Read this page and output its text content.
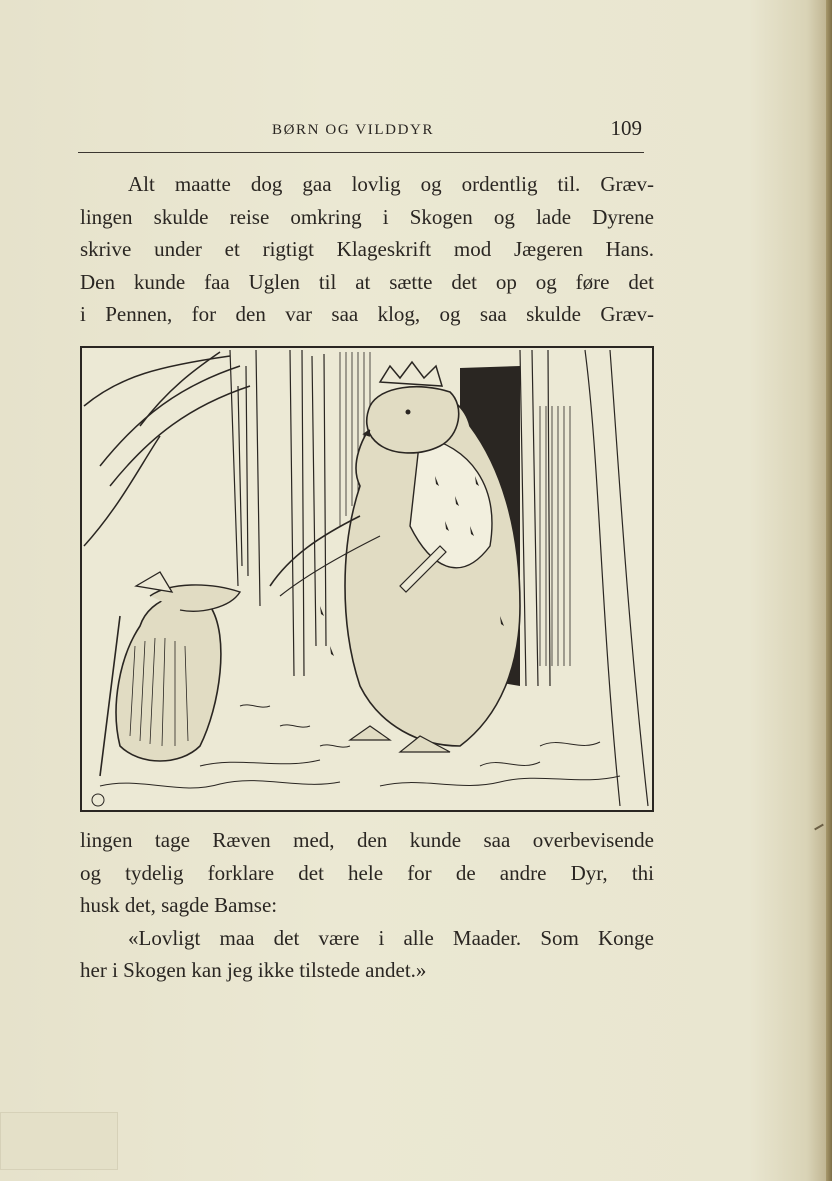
BØRN OG VILDDYR	109
Alt maatte dog gaa lovlig og ordentlig til. Græv-
lingen skulde reise omkring i Skogen og lade Dyrene
skrive under et rigtigt Klageskrift mod Jægeren Hans.
Den kunde faa Uglen til at sætte det op og føre det
i Pennen, for den var saa klog, og saa skulde Græv-
lingen tage Ræven med, den kunde saa overbevisende
og tydelig forklare det hele for de andre Dyr, thi
husk det, sagde Bamse:
«Lovligt maa det være i alle Maader. Som Konge
her i Skogen kan jeg ikke tilstede andet.»
